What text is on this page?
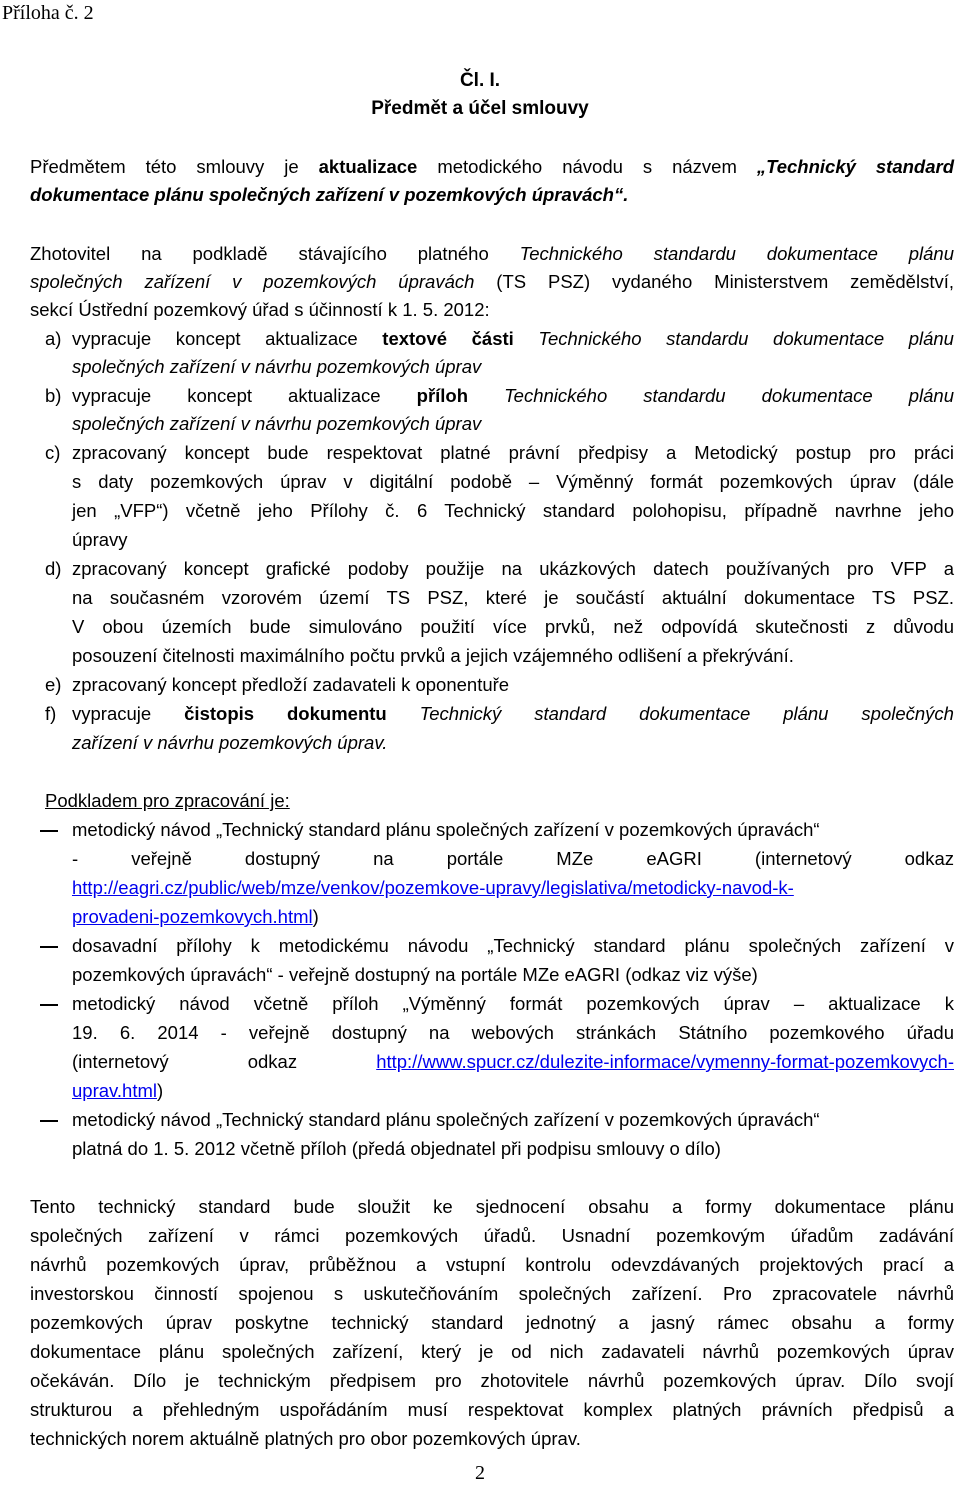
Příloha č. 2
Čl. I.
Předmět a účel smlouvy
Předmětem této smlouvy je aktualizace metodického návodu s názvem „Technický standard
dokumentace plánu společných zařízení v pozemkových úpravách“.
Zhotovitel na podkladě stávajícího platného Technického standardu dokumentace plánu
společných zařízení v pozemkových úpravách (TS PSZ) vydaného Ministerstvem zemědělství,
sekcí Ústřední pozemkový úřad s účinností k 1. 5. 2012:
a) vypracuje koncept aktualizace textové části Technického standardu dokumentace plánu
společných zařízení v návrhu pozemkových úprav
b) vypracuje koncept aktualizace příloh Technického standardu dokumentace plánu
společných zařízení v návrhu pozemkových úprav
c) zpracovaný koncept bude respektovat platné právní předpisy a Metodický postup pro práci
s daty pozemkových úprav v digitální podobě – Výměnný formát pozemkových úprav (dále
jen „VFP“) včetně jeho Přílohy č. 6 Technický standard polohopisu, případně navrhne jeho
úpravy
d) zpracovaný koncept grafické podoby použije na ukázkových datech používaných pro VFP a
na současném vzorovém území TS PSZ, které je součástí aktuální dokumentace TS PSZ.
V obou územích bude simulováno použití více prvků, než odpovídá skutečnosti z důvodu
posouzení čitelnosti maximálního počtu prvků a jejich vzájemného odlišení a překrývání.
e) zpracovaný koncept předloží zadavateli k oponentuře
f) vypracuje čistopis dokumentu Technický standard dokumentace plánu společných
zařízení v návrhu pozemkových úprav.
Podkladem pro zpracování je:
metodický návod „Technický standard plánu společných zařízení v pozemkových úpravách“
- veřejně dostupný na portále MZe eAGRI (internetový odkaz
http://eagri.cz/public/web/mze/venkov/pozemkove-upravy/legislativa/metodicky-navod-k-
provadeni-pozemkovych.html)
dosavadní přílohy k metodickému návodu „Technický standard plánu společných zařízení v
pozemkových úpravách“ - veřejně dostupný na portále MZe eAGRI (odkaz viz výše)
metodický návod včetně příloh „Výměnný formát pozemkových úprav – aktualizace k
19. 6. 2014 - veřejně dostupný na webových stránkách Státního pozemkového úřadu
(internetový odkaz http://www.spucr.cz/dulezite-informace/vymenny-format-pozemkovych-
uprav.html)
metodický návod „Technický standard plánu společných zařízení v pozemkových úpravách“
platná do 1. 5. 2012 včetně příloh (předá objednatel při podpisu smlouvy o dílo)
Tento technický standard bude sloužit ke sjednocení obsahu a formy dokumentace plánu
společných zařízení v rámci pozemkových úřadů. Usnadní pozemkovým úřadům zadávání
návrhů pozemkových úprav, průběžnou a vstupní kontrolu odevzdávaných projektových prací a
investorskou činností spojenou s uskutečňováním společných zařízení. Pro zpracovatele návrhů
pozemkových úprav poskytne technický standard jednotný a jasný rámec obsahu a formy
dokumentace plánu společných zařízení, který je od nich zadavateli návrhů pozemkových úprav
očekáván. Dílo je technickým předpisem pro zhotovitele návrhů pozemkových úprav. Dílo svojí
strukturou a přehledným uspořádáním musí respektovat komplex platných právních předpisů a
technických norem aktuálně platných pro obor pozemkových úprav.
2
